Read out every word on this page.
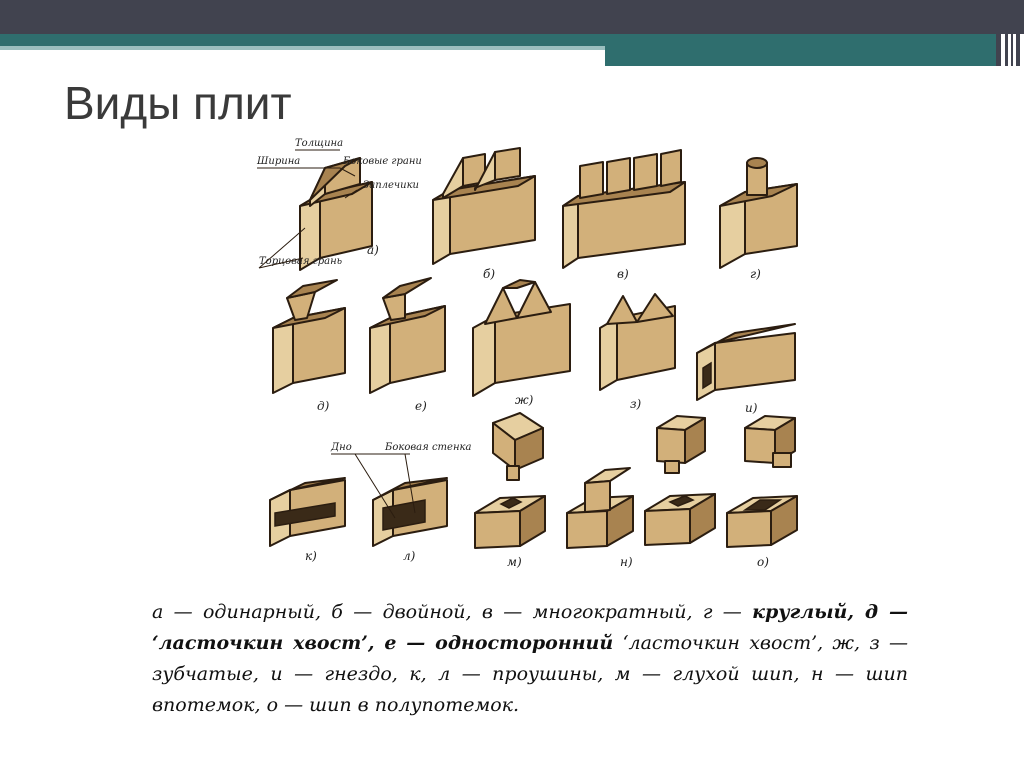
Виды плит
а)
Толщина
Ширина	Боковые грани
Заплечики
Торцовая грань
б)	в)	г)
д)	е)	ж)	з)	и)
к)
Дно	Боковая стенка
л)	м)	н)	о)
а — одинарный, б — двойной, в — многократный, г — круглый, д — ‘ласточкин хвост’, е — односторонний ‘ласточкин хвост’, ж, з — зубчатые, и — гнездо, к, л — проушины, м — глухой шип, н — шип впотемок, о — шип в полупотемок.
